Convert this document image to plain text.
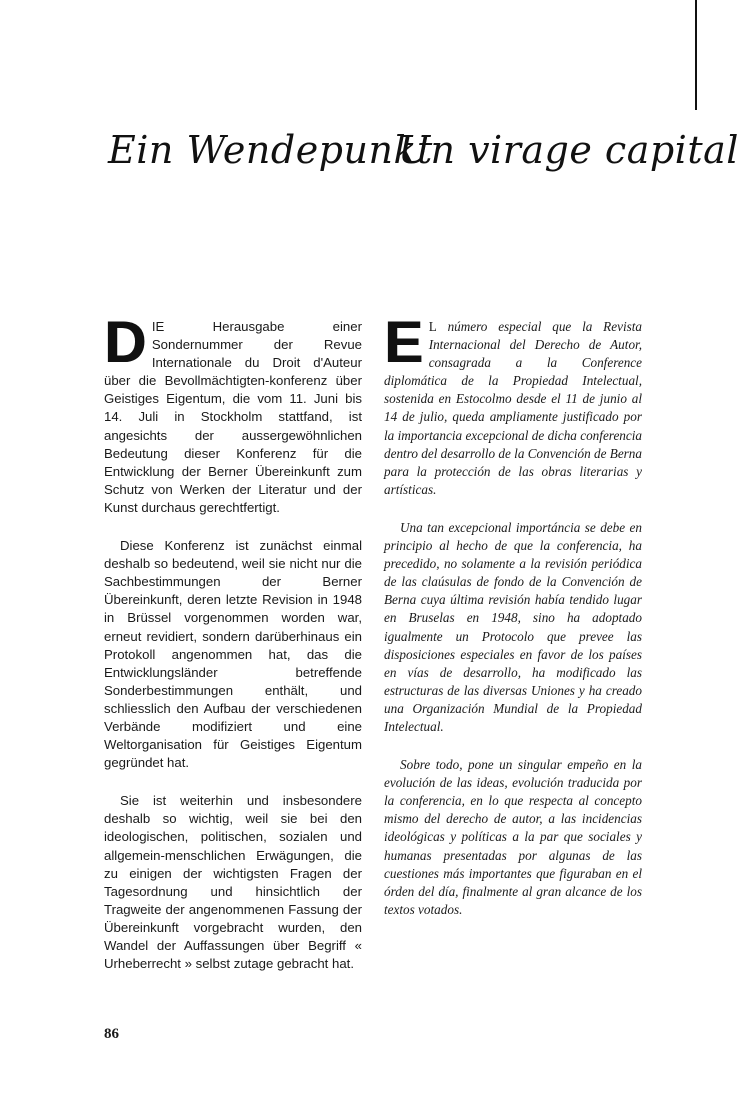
Ein Wendepunkt
Un virage capital

DIE Herausgabe einer Sondernummer der Revue Internationale du Droit d'Auteur über die Bevollmächtigten-konferenz über Geistiges Eigentum, die vom 11. Juni bis 14. Juli in Stockholm stattfand, ist angesichts der aussergewöhnlichen Bedeutung dieser Konferenz für die Entwicklung der Berner Übereinkunft zum Schutz von Werken der Literatur und der Kunst durchaus gerechtfertigt.

Diese Konferenz ist zunächst einmal deshalb so bedeutend, weil sie nicht nur die Sachbestimmungen der Berner Übereinkunft, deren letzte Revision in 1948 in Brüssel vorgenommen worden war, erneut revidiert, sondern darüberhinaus ein Protokoll angenommen hat, das die Entwicklungsländer betreffende Sonderbestimmungen enthält, und schliesslich den Aufbau der verschiedenen Verbände modifiziert und eine Weltorganisation für Geistiges Eigentum gegründet hat.

Sie ist weiterhin und insbesondere deshalb so wichtig, weil sie bei den ideologischen, politischen, sozialen und allgemein-menschlichen Erwägungen, die zu einigen der wichtigsten Fragen der Tagesordnung und hinsichtlich der Tragweite der angenommenen Fassung der Übereinkunft vorgebracht wurden, den Wandel der Auffassungen über Begriff « Urheberrecht » selbst zutage gebracht hat.

E L número especial que la Revista Internacional del Derecho de Autor, consagrada a la Conference diplomática de la Propiedad Intelectual, sostenida en Estocolmo desde el 11 de junio al 14 de julio, queda ampliamente justificado por la importancia excepcional de dicha conferencia dentro del desarrollo de la Convención de Berna para la protección de las obras literarias y artísticas.

Una tan excepcional importáncia se debe en principio al hecho de que la conferencia, ha precedido, no solamente a la revisión periódica de las claúsulas de fondo de la Convención de Berna cuya última revisión había tendido lugar en Bruselas en 1948, sino ha adoptado igualmente un Protocolo que prevee las disposiciones especiales en favor de los países en vías de desarrollo, ha modificado las estructuras de las diversas Uniones y ha creado una Organización Mundial de la Propiedad Intelectual.

Sobre todo, pone un singular empeño en la evolución de las ideas, evolución traducida por la conferencia, en lo que respecta al concepto mismo del derecho de autor, a las incidencias ideológicas y políticas a la par que sociales y humanas presentadas por algunas de las cuestiones más importantes que figuraban en el órden del día, finalmente al gran alcance de los textos votados.

86
